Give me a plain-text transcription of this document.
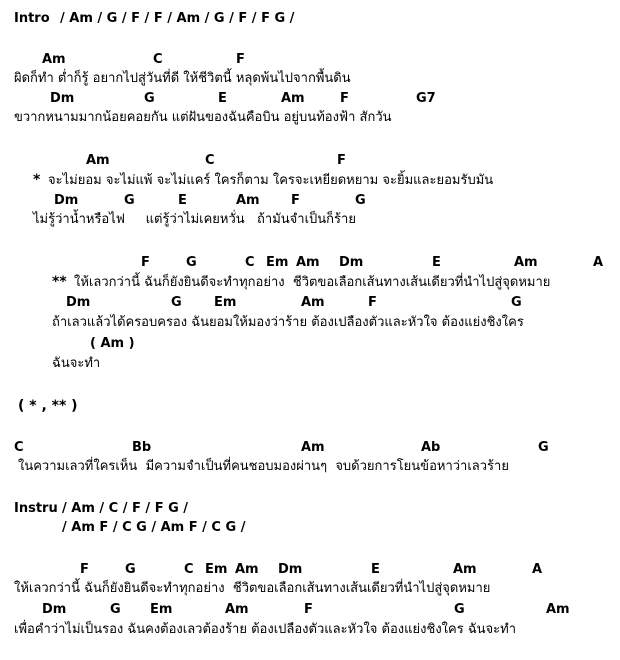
Intro / Am / G / F / F / Am / G / F / F G /
Am	C	F
ผิดก็ทำ ต่ำก็รู้ อยากไปสู่วันที่ดี ให้ชีวิตนี้ หลุดพ้นไปจากพื้นดิน
Dm	G	E	Am	F	G7
ขวากหนามมากน้อยคอยกัน แต่ฝันของฉันคือบิน อยู่บนท้องฟ้า สักวัน
Am	C	F
* จะไม่ยอม จะไม่แพ้ จะไม่แคร์ ใครก็ตาม ใครจะเหยียดหยาม จะยิ้มและยอมรับมัน
Dm	G	E	Am F	G
ไม่รู้ว่าน้ำหรือไฟ     แต่รู้ว่าไม่เคยหวั่น   ถ้ามันจำเป็นก็ร้าย
F	G	C Em Am Dm	E	Am	A
** ให้เลวกว่านี้ ฉันก็ยังยินดีจะทำทุกอย่าง  ชีวิตขอเลือกเส้นทางเส้นเดียวที่นำไปสู่จุดหมาย
Dm	G Em	Am	F	G
ถ้าเลวแล้วได้ครอบครอง ฉันยอมให้มองว่าร้าย ต้องเปลืองตัวและหัวใจ ต้องแย่งชิงใคร
( Am )
ฉันจะทำ
( * , ** )
C	Bb	Am	Ab	G
ในความเลวที่ใครเห็น  มีความจำเป็นที่คนชอบมองผ่านๆ  จบด้วยการโยนข้อหาว่าเลวร้าย
Instru / Am / C / F / F G /
/ Am F / C G / Am F / C G /
F	G	C Em Am Dm	E	Am	A
ให้เลวกว่านี้ ฉันก็ยังยินดีจะทำทุกอย่าง  ชีวิตขอเลือกเส้นทางเส้นเดียวที่นำไปสู่จุดหมาย
Dm	G Em	Am	F	G	Am
เพื่อคำว่าไม่เป็นรอง ฉันคงต้องเลวต้องร้าย ต้องเปลืองตัวและหัวใจ ต้องแย่งชิงใคร ฉันจะทำ
